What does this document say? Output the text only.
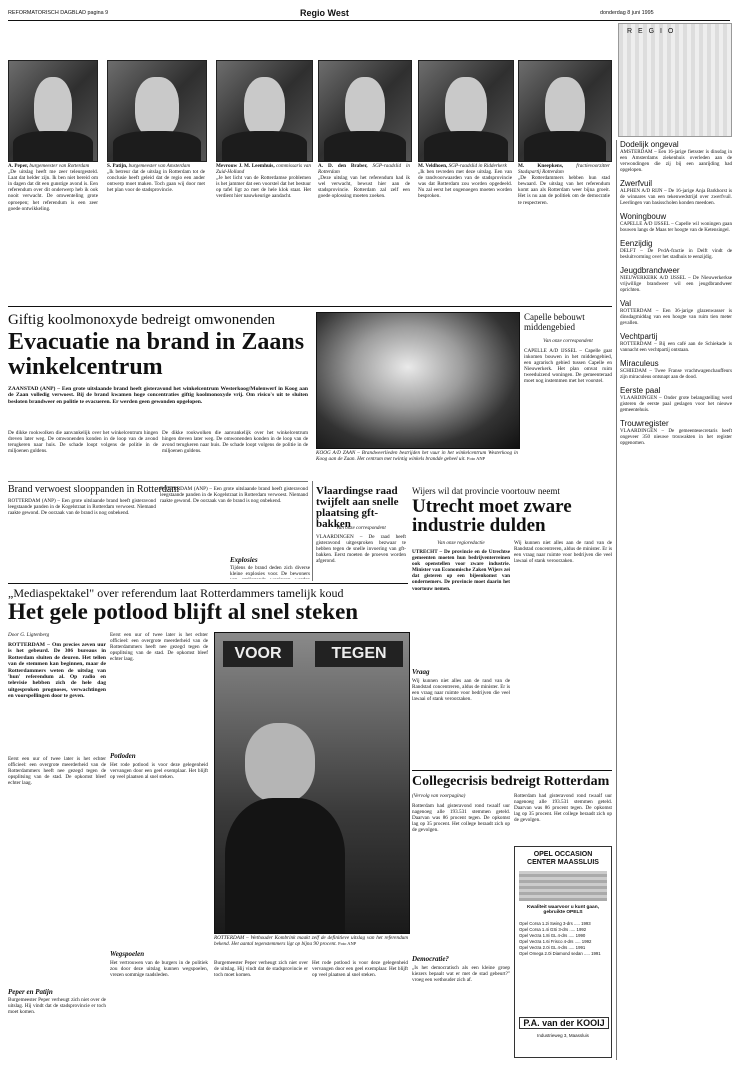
REFORMATORISCH DAGBLAD pagina 9	Regio West	donderdag 8 juni 1995
R E G I O
A. Peper, burgemeester van Rotterdam
„De uitslag heeft me zeer teleurgesteld. Laat dat helder zijn. Ik ben niet bereid om in dagen dat dit een gunstige avond is. Een referendum over dit onderwerp heb ik ook nooit verwacht. De omwenteling grote oproepen; het referendum is een zeer goede ontwikkeling.
S. Patijn, burgemeester van Amsterdam
„Ik betreur dat de uitslag in Rotterdam tot de conclusie heeft geleid dat de regio een ander ontwerp moet maken. Toch gaan wij door met het plan voor de stadsprovincie.
Mevrouw J. M. Leemhuis, commissaris van Zuid-Holland
„Je het licht van de Rotterdamse problemen is het jammer dat een voorstel dat het bestuur op tafel ligt zo met de hele klok staat. Het verdient hier nauwkeurige aandacht.
A. D. den Braber, SGP-raadslid in Rotterdam
„Deze uitslag van het referendum had ik wel verwacht, bewust hier aan de stadsprovincie. Rotterdam zal zelf een goede oplossing moeten zoeken.
M. Veldhoen, SGP-raadslid in Ridderkerk
„Ik ben tevreden met deze uitslag. Een van de randvoorwaarden van de stadsprovincie was dat Rotterdam zou worden opgedeeld. Nu zal eerst het ongenoegen moeten worden besproken.
M. Kneepkens,	fractievoorzitter Stadspartij Rotterdam
„De Rotterdammers hebben hun stad bewaard. De uitslag van het referendum komt aan als Rotterdam weer bijna groeit. Het is nu aan de politiek om de democratie te respecteren.
Dodelijk ongeval
AMSTERDAM – Een 16-jarige fietsster is dinsdag in een Amsterdams ziekenhuis overleden aan de verwondingen die zij bij een aanrijding had opgelopen.
Zwerfvuil
ALPHEN A/D RIJN – De 16-jarige Anja Barkhorst is de winnares van een tekenwedstrijd over zwerfvuil. Leerlingen van basisscholen konden meedoen.
Woningbouw
CAPELLE A/D IJSSEL – Capelle wil woningen gaan bouwen langs de Maas ter hoogte van de Ketensingel.
Eenzijdig
DELFT – De PvdA-fractie in Delft vindt de besluitvorming over het stadhuis te eenzijdig.
Jeugdbrandweer
NIEUWERKERK A/D IJSSEL – De Nieuwerkerkse vrijwillige brandweer wil een jeugdbrandweer oprichten.
Val
ROTTERDAM – Een 36-jarige glazenwasser is dinsdagmiddag van een hoogte van ruim tien meter gevallen.
Vechtpartij
ROTTERDAM – Bij een café aan de Schiekade is vannacht een vechtpartij ontstaan.
Miraculeus
SCHIEDAM – Twee Franse vrachtwagenchauffeurs zijn miraculeus ontsnapt aan de dood.
Eerste paal
VLAARDINGEN – Onder grote belangstelling werd gisteren de eerste paal geslagen voor het nieuwe gemeentehuis.
Trouwregister
VLAARDINGEN – De gemeentesecretaris heeft ongeveer 350 nieuwe trouwakten in het register opgenomen.
Giftig koolmonoxyde bedreigt omwonenden
Evacuatie na brand in Zaans winkelcentrum
ZAANSTAD (ANP) – Een grote uitslaande brand heeft gisteravond het winkelcentrum Westerkoog/Molenwerf in Koog aan de Zaan volledig verwoest. Bij de brand kwamen hoge concentraties giftig koolmonoxyde vrij. Om risico's uit te sluiten besloten brandweer en politie te evacueren. Er werden geen gewonden opgelopen.
De dikke rookwolken die aanvankelijk over het winkelcentrum hingen dreven later weg. De omwonenden konden in de loop van de avond terugkeren naar huis. De schade loopt volgens de politie in de miljoenen guldens.
De dikke rookwolken die aanvankelijk over het winkelcentrum hingen dreven later weg. De omwonenden konden in de loop van de avond terugkeren naar huis. De schade loopt volgens de politie in de miljoenen guldens.	KOOG A/D ZAAN – Brandweerlieden bestrijden het vuur in het winkelcentrum Westerkoog in Koog aan de Zaan. Het centrum met twintig winkels brandde geheel uit. Foto ANP
Capelle bebouwt middengebied
Van onze correspondent
CAPELLE A/D IJSSEL – Capelle gaat inkomen bouwen in het middengebied, een agrarisch gebied tussen Capelle en Nieuwerkerk. Het plan omvat ruim tweeduizend woningen. De gemeenteraad moet nog instemmen met het voorstel.
Brand verwoest slooppanden in Rotterdam
ROTTERDAM (ANP) – Een grote uitslaande brand heeft gisteravond leegstaande panden in de Kogelstraat in Rotterdam verwoest. Niemand raakte gewond. De oorzaak van de brand is nog onbekend.
ROTTERDAM (ANP) – Een grote uitslaande brand heeft gisteravond leegstaande panden in de Kogelstraat in Rotterdam verwoest. Niemand raakte gewond. De oorzaak van de brand is nog onbekend.
Explosies
Tijdens de brand deden zich diverse kleine explosies voor. De bewoners
Vlaardingse raad twijfelt aan snelle plaatsing gft-bakken
Van onze correspondent
VLAARDINGEN – De raad heeft gisteravond uitgesproken bezwaar te hebben tegen de snelle invoering van gft-bakken. Eerst moeten de proeven worden afgerond.
Wijers wil dat provincie voortouw neemt
Utrecht moet zware industrie dulden
Van onze regioredactie
UTRECHT – De provincie en de Utrechtse gemeenten moeten hun bedrijventerreinen ook openstellen voor zware industrie. Minister van Economische Zaken Wijers zei dat gisteren op een bijeenkomst van ondernemers. De provincie moet daarin het voortouw nemen.
Vraag
Wij kunnen niet alles aan de rand van de Randstad concentreren, aldus de minister. Er is een vraag naar ruimte voor bedrijven die veel lawaai of stank veroorzaken.
Wij kunnen niet alles aan de rand van de Randstad concentreren, aldus de minister. Er is een vraag naar ruimte voor bedrijven die veel lawaai of stank veroorzaken.
„Mediaspektakel" over referendum laat Rotterdammers tamelijk koud
Het gele potlood blijft al snel steken
Door G. Ligtenberg
ROTTERDAM – Om precies zeven uur is het gebeurd. De 306 bureaus in Rotterdam sluiten de deuren. Het tellen van de stemmen kan beginnen, maar de Rotterdammers weten de uitslag van 'hun' referendum al. Op radio en televisie hebben zich de hele dag uitgesproken prognoses, verwachtingen en voorspellingen door te geven.
Eerst een uur of twee later is het echter officieel: een overgrote meerderheid van de Rotterdammers heeft nee gezegd tegen de opsplitsing van de stad. De opkomst bleef echter laag.
Peper en Patijn
Burgemeester Peper verheugt zich niet over de uitslag. Hij vindt dat de stadsprovincie er toch moet komen.
Eerst een uur of twee later is het echter officieel: een overgrote meerderheid van de Rotterdammers heeft nee gezegd tegen de opsplitsing van de stad. De opkomst bleef echter laag.
Potloden
Het rode potlood is voor deze gelegenheid vervangen door een geel exemplaar. Het blijft op veel plaatsen al snel steken.
Wegspoelen
Het vertrouwen van de burgers in de politiek zou door deze uitslag kunnen wegspoelen, vrezen sommige raadsleden.
VOOR	TEGEN
ROTTERDAM – Wethouder Kombrink maakt zelf de definitieve uitslag van het referendum bekend. Het aantal tegenstemmers ligt op bijna 90 procent. Foto ANP
Burgemeester Peper verheugt zich niet over de uitslag. Hij vindt dat de stadsprovincie er toch moet komen.
Het rode potlood is voor deze gelegenheid vervangen door een geel exemplaar. Het blijft op veel plaatsen al snel steken.
Collegecrisis bedreigt Rotterdam
(Vervolg van voorpagina)
Rotterdam had gisteravond rond twaalf uur nagenoeg alle 193.531 stemmen geteld. Daarvan was 86 procent tegen. De opkomst lag op 35 procent. Het college beraadt zich op de gevolgen.
Democratie?
„Is het democratisch als een kleine groep kiezers bepaalt wat er met de stad gebeurt?" vroeg een wethouder zich af.
Rotterdam had gisteravond rond twaalf uur nagenoeg alle 193.531 stemmen geteld. Daarvan was 86 procent tegen. De opkomst lag op 35 procent. Het college beraadt zich op de gevolgen.
OPEL OCCASION CENTER MAASSLUIS
Kwaliteit waarvoor u kunt gaan, gebruikte OPELS
Opel Corsa 1.2i Swing 3-drs ..... 1993
Opel Corsa 1.4i GSi 3-drs ..... 1992
Opel Vectra 1.8i GL 4-drs ..... 1990
Opel Vectra 1.6i Frisco 4-drs ..... 1992
Opel Vectra 2.0i GL 4-drs ..... 1991
Opel Omega 2.0i Diamond sedan ..... 1991
P.A. van der KOOIJ
Industrieweg 3, Maassluis
